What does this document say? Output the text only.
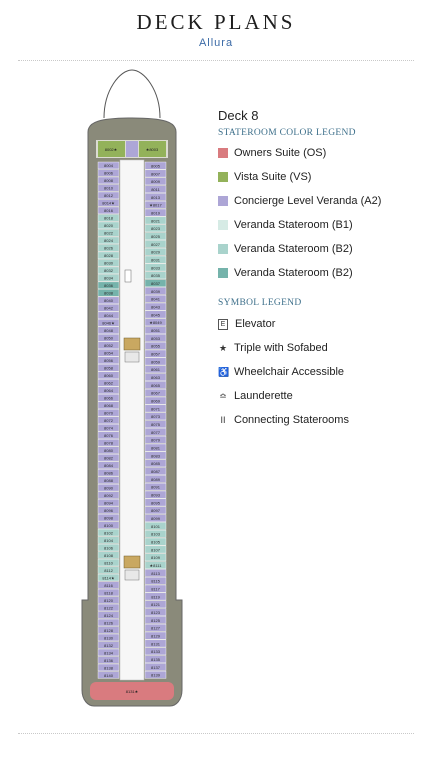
DECK PLANS
Allura
8002★	★8003
8004
8006
8008
8010
8012
8014★
8016
8018
8020
8022
8024
8026
8028
8030
8032
8034
8036
8038
8040
8042
8044
8046★
8048
8050
8052
8054
8056
8058
8060
8062
8064
8066
8068
8070
8072
8074
8076
8078
8080
8082
8084
8086
8088
8090
8092
8094
8096
8098
8100
8102
8104
8106
8108
8110
8112
8114★
8116
8118
8120
8122
8124
8126
8128
8130
8132
8134
8136
8138
8140
8005
8007
8009
8011
8013
★8017
8019
8021
8023
8025
8027
8029
8031
8033
8035
8037
8039
8041
8043
8045
★8049
8051
8053
8055
8057
8059
8061
8063
8065
8067
8069
8071
8073
8075
8077
8079
8081
8083
8085
8087
8089
8091
8093
8095
8097
8099
8101
8103
8105
8107
8109
★8111
8113
8115
8117
8119
8121
8123
8125
8127
8129
8131
8133
8135
8137
8139
8131★
Deck 8
STATEROOM COLOR LEGEND
Owners Suite (OS)
Vista Suite (VS)
Concierge Level Veranda (A2)
Veranda Stateroom (B1)
Veranda Stateroom (B2)
Veranda Stateroom (B2)
SYMBOL LEGEND
E Elevator
★ Triple with Sofabed
♿ Wheelchair Accessible
≏ Launderette
II Connecting Staterooms
